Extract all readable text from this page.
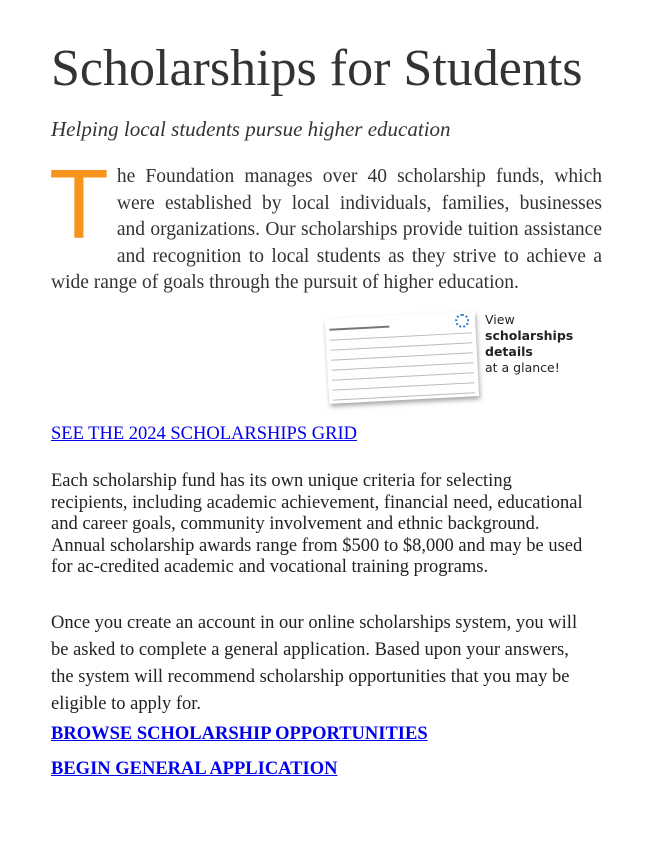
Scholarships for Students
Helping local students pursue higher education

The Foundation manages over 40 scholarship funds, which were established by local individuals, families, businesses and organizations. Our scholarships provide tuition assistance and recognition to local students as they strive to achieve a wide range of goals through the pursuit of higher education.

View
scholarships
details
at a glance!
SEE THE 2024 SCHOLARSHIPS GRID

Each scholarship fund has its own unique criteria for selecting recipients, including academic achievement, financial need, educational and career goals, community involvement and ethnic background. Annual scholarship awards range from $500 to $8,000 and may be used for ac-credited academic and vocational training programs.

Once you create an account in our online scholarships system, you will be asked to complete a general application. Based upon your answers, the system will recommend scholarship opportunities that you may be eligible to apply for.

BROWSE SCHOLARSHIP OPPORTUNITIES
BEGIN GENERAL APPLICATION
